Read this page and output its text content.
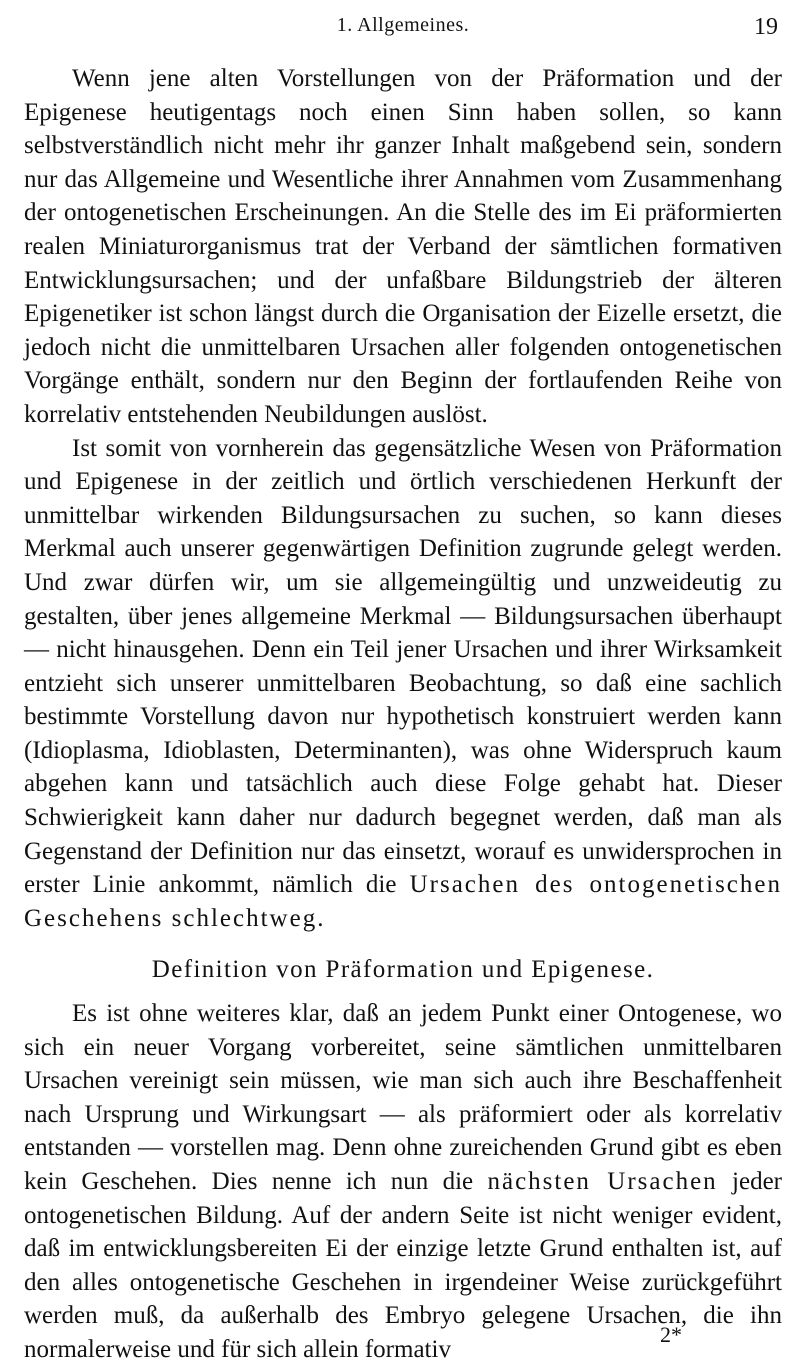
1. Allgemeines.	19

Wenn jene alten Vorstellungen von der Präformation und der Epigenese heutigentags noch einen Sinn haben sollen, so kann selbstverständlich nicht mehr ihr ganzer Inhalt maßgebend sein, sondern nur das Allgemeine und Wesentliche ihrer Annahmen vom Zusammenhang der ontogenetischen Erscheinungen. An die Stelle des im Ei präformierten realen Miniaturorganismus trat der Verband der sämtlichen formativen Entwicklungsursachen; und der unfaßbare Bildungstrieb der älteren Epigenetiker ist schon längst durch die Organisation der Eizelle ersetzt, die jedoch nicht die unmittelbaren Ursachen aller folgenden ontogenetischen Vorgänge enthält, sondern nur den Beginn der fortlaufenden Reihe von korrelativ entstehenden Neubildungen auslöst.

Ist somit von vornherein das gegensätzliche Wesen von Präformation und Epigenese in der zeitlich und örtlich verschiedenen Herkunft der unmittelbar wirkenden Bildungsursachen zu suchen, so kann dieses Merkmal auch unserer gegenwärtigen Definition zugrunde gelegt werden. Und zwar dürfen wir, um sie allgemeingültig und unzweideutig zu gestalten, über jenes allgemeine Merkmal — Bildungsursachen überhaupt — nicht hinausgehen. Denn ein Teil jener Ursachen und ihrer Wirksamkeit entzieht sich unserer unmittelbaren Beobachtung, so daß eine sachlich bestimmte Vorstellung davon nur hypothetisch konstruiert werden kann (Idioplasma, Idioblasten, Determinanten), was ohne Widerspruch kaum abgehen kann und tatsächlich auch diese Folge gehabt hat. Dieser Schwierigkeit kann daher nur dadurch begegnet werden, daß man als Gegenstand der Definition nur das einsetzt, worauf es unwidersprochen in erster Linie ankommt, nämlich die Ursachen des ontogenetischen Geschehens schlechtweg.

Definition von Präformation und Epigenese.

Es ist ohne weiteres klar, daß an jedem Punkt einer Ontogenese, wo sich ein neuer Vorgang vorbereitet, seine sämtlichen unmittelbaren Ursachen vereinigt sein müssen, wie man sich auch ihre Beschaffenheit nach Ursprung und Wirkungsart — als präformiert oder als korrelativ entstanden — vorstellen mag. Denn ohne zureichenden Grund gibt es eben kein Geschehen. Dies nenne ich nun die nächsten Ursachen jeder ontogenetischen Bildung. Auf der andern Seite ist nicht weniger evident, daß im entwicklungsbereiten Ei der einzige letzte Grund enthalten ist, auf den alles ontogenetische Geschehen in irgendeiner Weise zurückgeführt werden muß, da außerhalb des Embryo gelegene Ursachen, die ihn normalerweise und für sich allein formativ

2*
